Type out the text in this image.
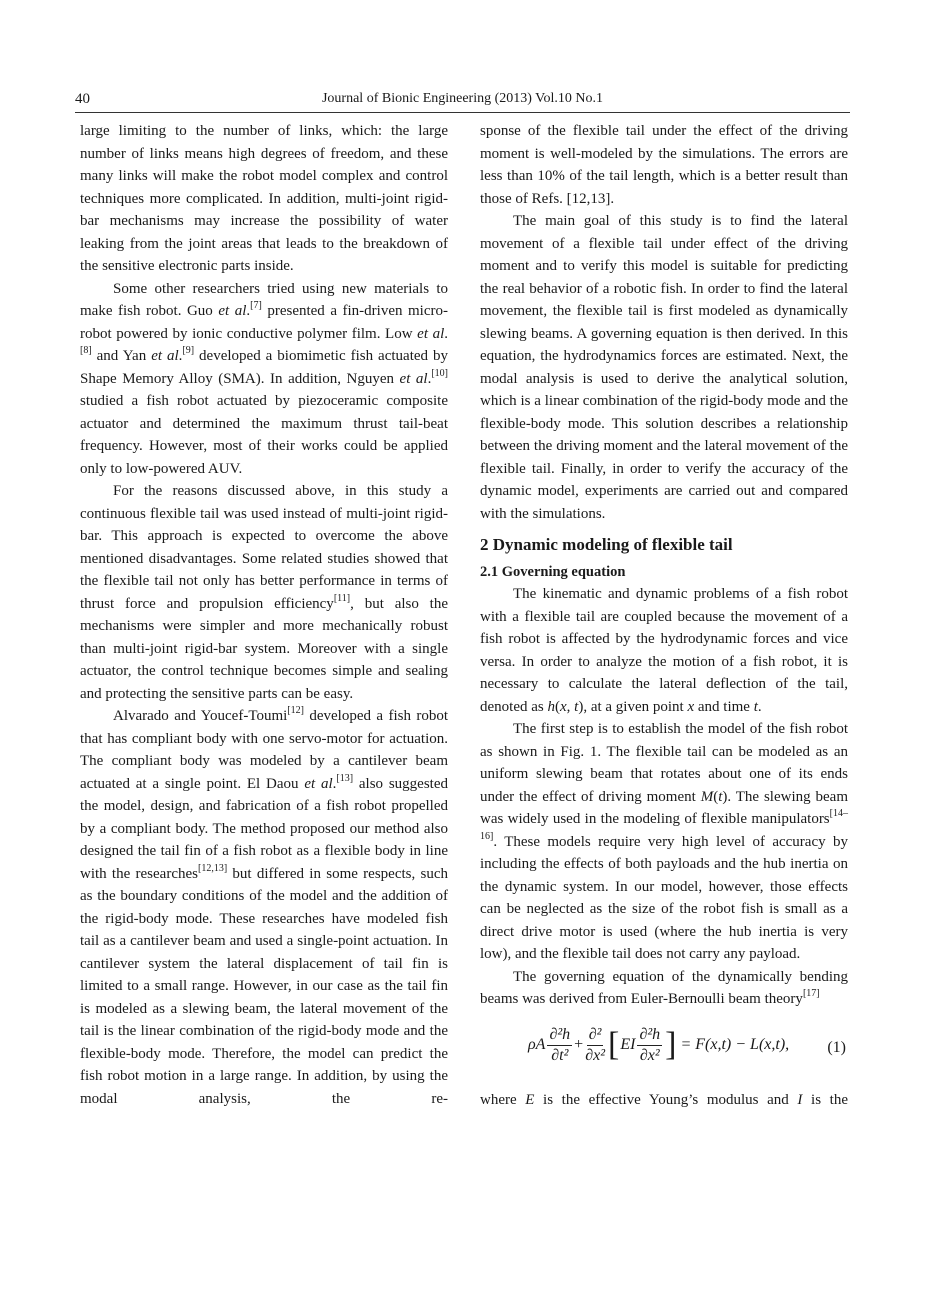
40	Journal of Bionic Engineering (2013) Vol.10 No.1

large limiting to the number of links, which: the large number of links means high degrees of freedom, and these many links will make the robot model complex and control techniques more complicated. In addition, multi-joint rigid-bar mechanisms may increase the possibility of water leaking from the joint areas that leads to the breakdown of the sensitive electronic parts inside.

Some other researchers tried using new materials to make fish robot. Guo et al.[7] presented a fin-driven micro-robot powered by ionic conductive polymer film. Low et al.[8] and Yan et al.[9] developed a biomimetic fish actuated by Shape Memory Alloy (SMA). In addition, Nguyen et al.[10] studied a fish robot actuated by piezoceramic composite actuator and determined the maximum thrust tail-beat frequency. However, most of their works could be applied only to low-powered AUV.

For the reasons discussed above, in this study a continuous flexible tail was used instead of multi-joint rigid-bar. This approach is expected to overcome the above mentioned disadvantages. Some related studies showed that the flexible tail not only has better performance in terms of thrust force and propulsion efficiency[11], but also the mechanisms were simpler and more mechanically robust than multi-joint rigid-bar system. Moreover with a single actuator, the control technique becomes simple and sealing and protecting the sensitive parts can be easy.

Alvarado and Youcef-Toumi[12] developed a fish robot that has compliant body with one servo-motor for actuation. The compliant body was modeled by a cantilever beam actuated at a single point. El Daou et al.[13] also suggested the model, design, and fabrication of a fish robot propelled by a compliant body. The method proposed our method also designed the tail fin of a fish robot as a flexible body in line with the researches[12,13] but differed in some respects, such as the boundary conditions of the model and the addition of the rigid-body mode. These researches have modeled fish tail as a cantilever beam and used a single-point actuation. In cantilever system the lateral displacement of tail fin is limited to a small range. However, in our case as the tail fin is modeled as a slewing beam, the lateral movement of the tail is the linear combination of the rigid-body mode and the flexible-body mode. Therefore, the model can predict the fish robot motion in a large range. In addition, by using the modal analysis, the re-

sponse of the flexible tail under the effect of the driving moment is well-modeled by the simulations. The errors are less than 10% of the tail length, which is a better result than those of Refs. [12,13].

The main goal of this study is to find the lateral movement of a flexible tail under effect of the driving moment and to verify this model is suitable for predicting the real behavior of a robotic fish. In order to find the lateral movement, the flexible tail is first modeled as dynamically slewing beams. A governing equation is then derived. In this equation, the hydrodynamics forces are estimated. Next, the modal analysis is used to derive the analytical solution, which is a linear combination of the rigid-body mode and the flexible-body mode. This solution describes a relationship between the driving moment and the lateral movement of the flexible tail. Finally, in order to verify the accuracy of the dynamic model, experiments are carried out and compared with the simulations.

2 Dynamic modeling of flexible tail
2.1 Governing equation

The kinematic and dynamic problems of a fish robot with a flexible tail are coupled because the movement of a fish robot is affected by the hydrodynamic forces and vice versa. In order to analyze the motion of a fish robot, it is necessary to calculate the lateral deflection of the tail, denoted as h(x, t), at a given point x and time t.

The first step is to establish the model of the fish robot as shown in Fig. 1. The flexible tail can be modeled as an uniform slewing beam that rotates about one of its ends under the effect of driving moment M(t). The slewing beam was widely used in the modeling of flexible manipulators[14–16]. These models require very high level of accuracy by including the effects of both payloads and the hub inertia on the dynamic system. In our model, however, those effects can be neglected as the size of the robot fish is small as a direct drive motor is used (where the hub inertia is very low), and the flexible tail does not carry any payload.

The governing equation of the dynamically bending beams was derived from Euler-Bernoulli beam theory[17]

ρA $\frac{\text{∂²h}}{\text{∂t²}} + \frac{\text{∂²}}{\text{∂x²}}$ [ EI $\frac{\text{∂²h}}{\text{∂x²}}$ ] = F(x,t) − L(x,t), (1)

where E is the effective Young’s modulus and I is the
